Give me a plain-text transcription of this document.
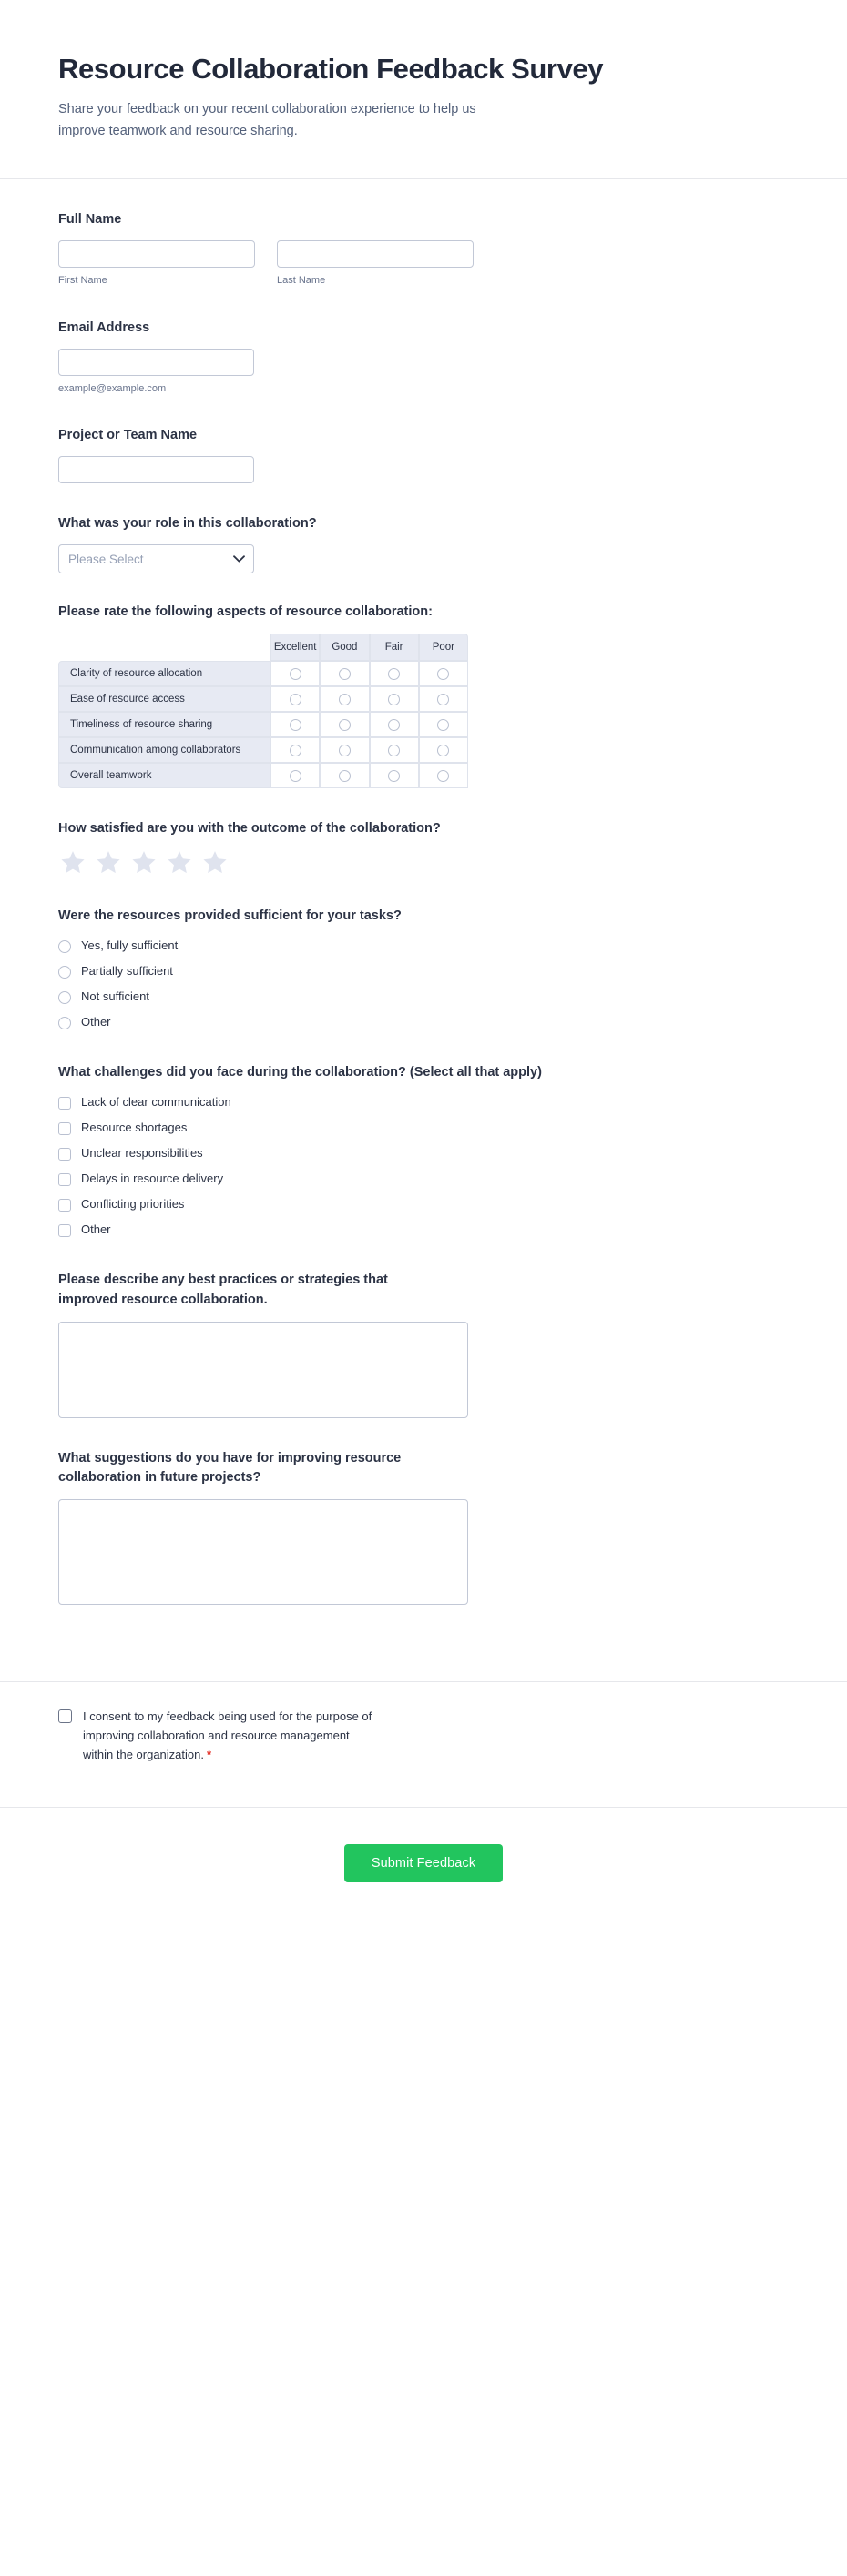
Resource Collaboration Feedback Survey

Share your feedback on your recent collaboration experience to help us improve teamwork and resource sharing.

Full Name
First Name	Last Name
Email Address
example@example.com
Project or Team Name
What was your role in this collaboration?
Please Select
Please rate the following aspects of resource collaboration:
	Excellent	Good	Fair	Poor
Clarity of resource allocation				
Ease of resource access				
Timeliness of resource sharing				
Communication among collaborators				
Overall teamwork				
How satisfied are you with the outcome of the collaboration?
Were the resources provided sufficient for your tasks?
Yes, fully sufficient
Partially sufficient
Not sufficient
Other
What challenges did you face during the collaboration? (Select all that apply)
Lack of clear communication
Resource shortages
Unclear responsibilities
Delays in resource delivery
Conflicting priorities
Other
Please describe any best practices or strategies that improved resource collaboration.
What suggestions do you have for improving resource collaboration in future projects?
I consent to my feedback being used for the purpose of improving collaboration and resource management within the organization. *
Submit Feedback
